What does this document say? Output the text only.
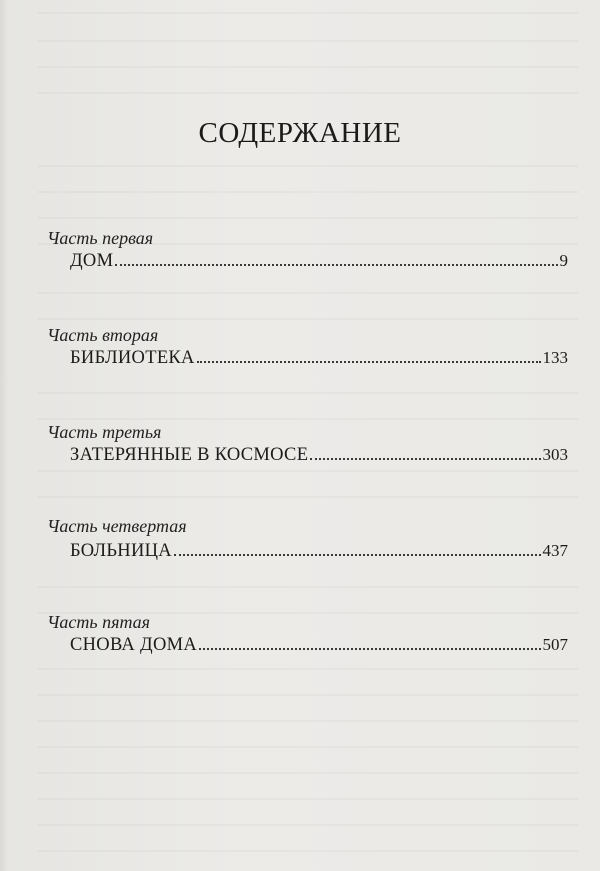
СОДЕРЖАНИЕ
Часть первая
ДОМ	9
Часть вторая
БИБЛИОТЕКА	133
Часть третья
ЗАТЕРЯННЫЕ В КОСМОСЕ	303
Часть четвертая
БОЛЬНИЦА	437
Часть пятая
СНОВА ДОМА	507
